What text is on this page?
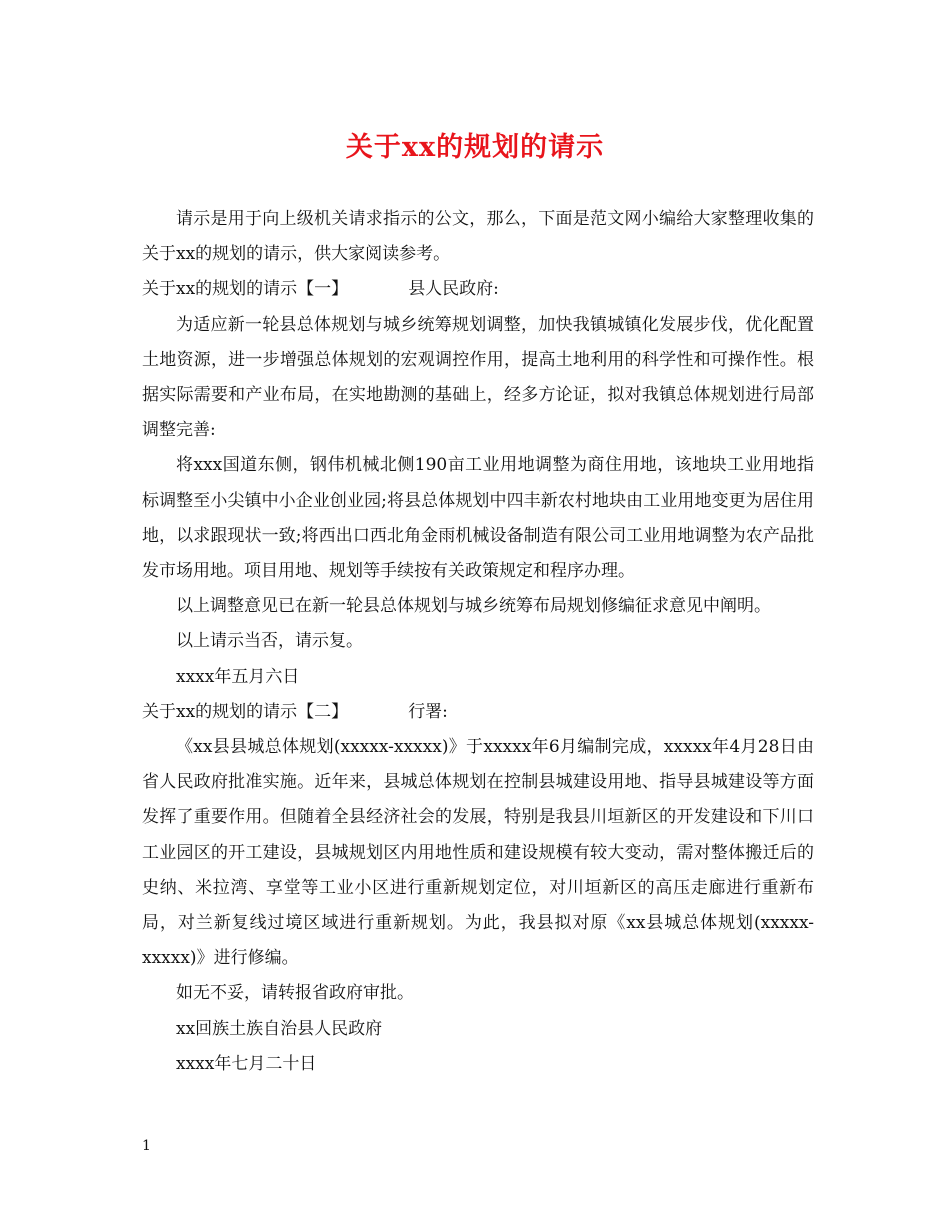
关于xx的规划的请示

请示是用于向上级机关请求指示的公文，那么，下面是范文网小编给大家整理收集的关于xx的规划的请示，供大家阅读参考。

关于xx的规划的请示【一】	县人民政府:

为适应新一轮县总体规划与城乡统筹规划调整，加快我镇城镇化发展步伐，优化配置土地资源，进一步增强总体规划的宏观调控作用，提高土地利用的科学性和可操作性。根据实际需要和产业布局，在实地勘测的基础上，经多方论证，拟对我镇总体规划进行局部调整完善:

将xxx国道东侧，钢伟机械北侧190亩工业用地调整为商住用地，该地块工业用地指标调整至小尖镇中小企业创业园;将县总体规划中四丰新农村地块由工业用地变更为居住用地，以求跟现状一致;将西出口西北角金雨机械设备制造有限公司工业用地调整为农产品批发市场用地。项目用地、规划等手续按有关政策规定和程序办理。

以上调整意见已在新一轮县总体规划与城乡统筹布局规划修编征求意见中阐明。

以上请示当否，请示复。

xxxx年五月六日

关于xx的规划的请示【二】	行署:

《xx县县城总体规划(xxxxx-xxxxx)》于xxxxx年6月编制完成，xxxxx年4月28日由省人民政府批准实施。近年来，县城总体规划在控制县城建设用地、指导县城建设等方面发挥了重要作用。但随着全县经济社会的发展，特别是我县川垣新区的开发建设和下川口工业园区的开工建设，县城规划区内用地性质和建设规模有较大变动，需对整体搬迁后的史纳、米拉湾、享堂等工业小区进行重新规划定位，对川垣新区的高压走廊进行重新布局，对兰新复线过境区域进行重新规划。为此，我县拟对原《xx县城总体规划(xxxxx-xxxxx)》进行修编。

如无不妥，请转报省政府审批。

xx回族土族自治县人民政府

xxxx年七月二十日

1
